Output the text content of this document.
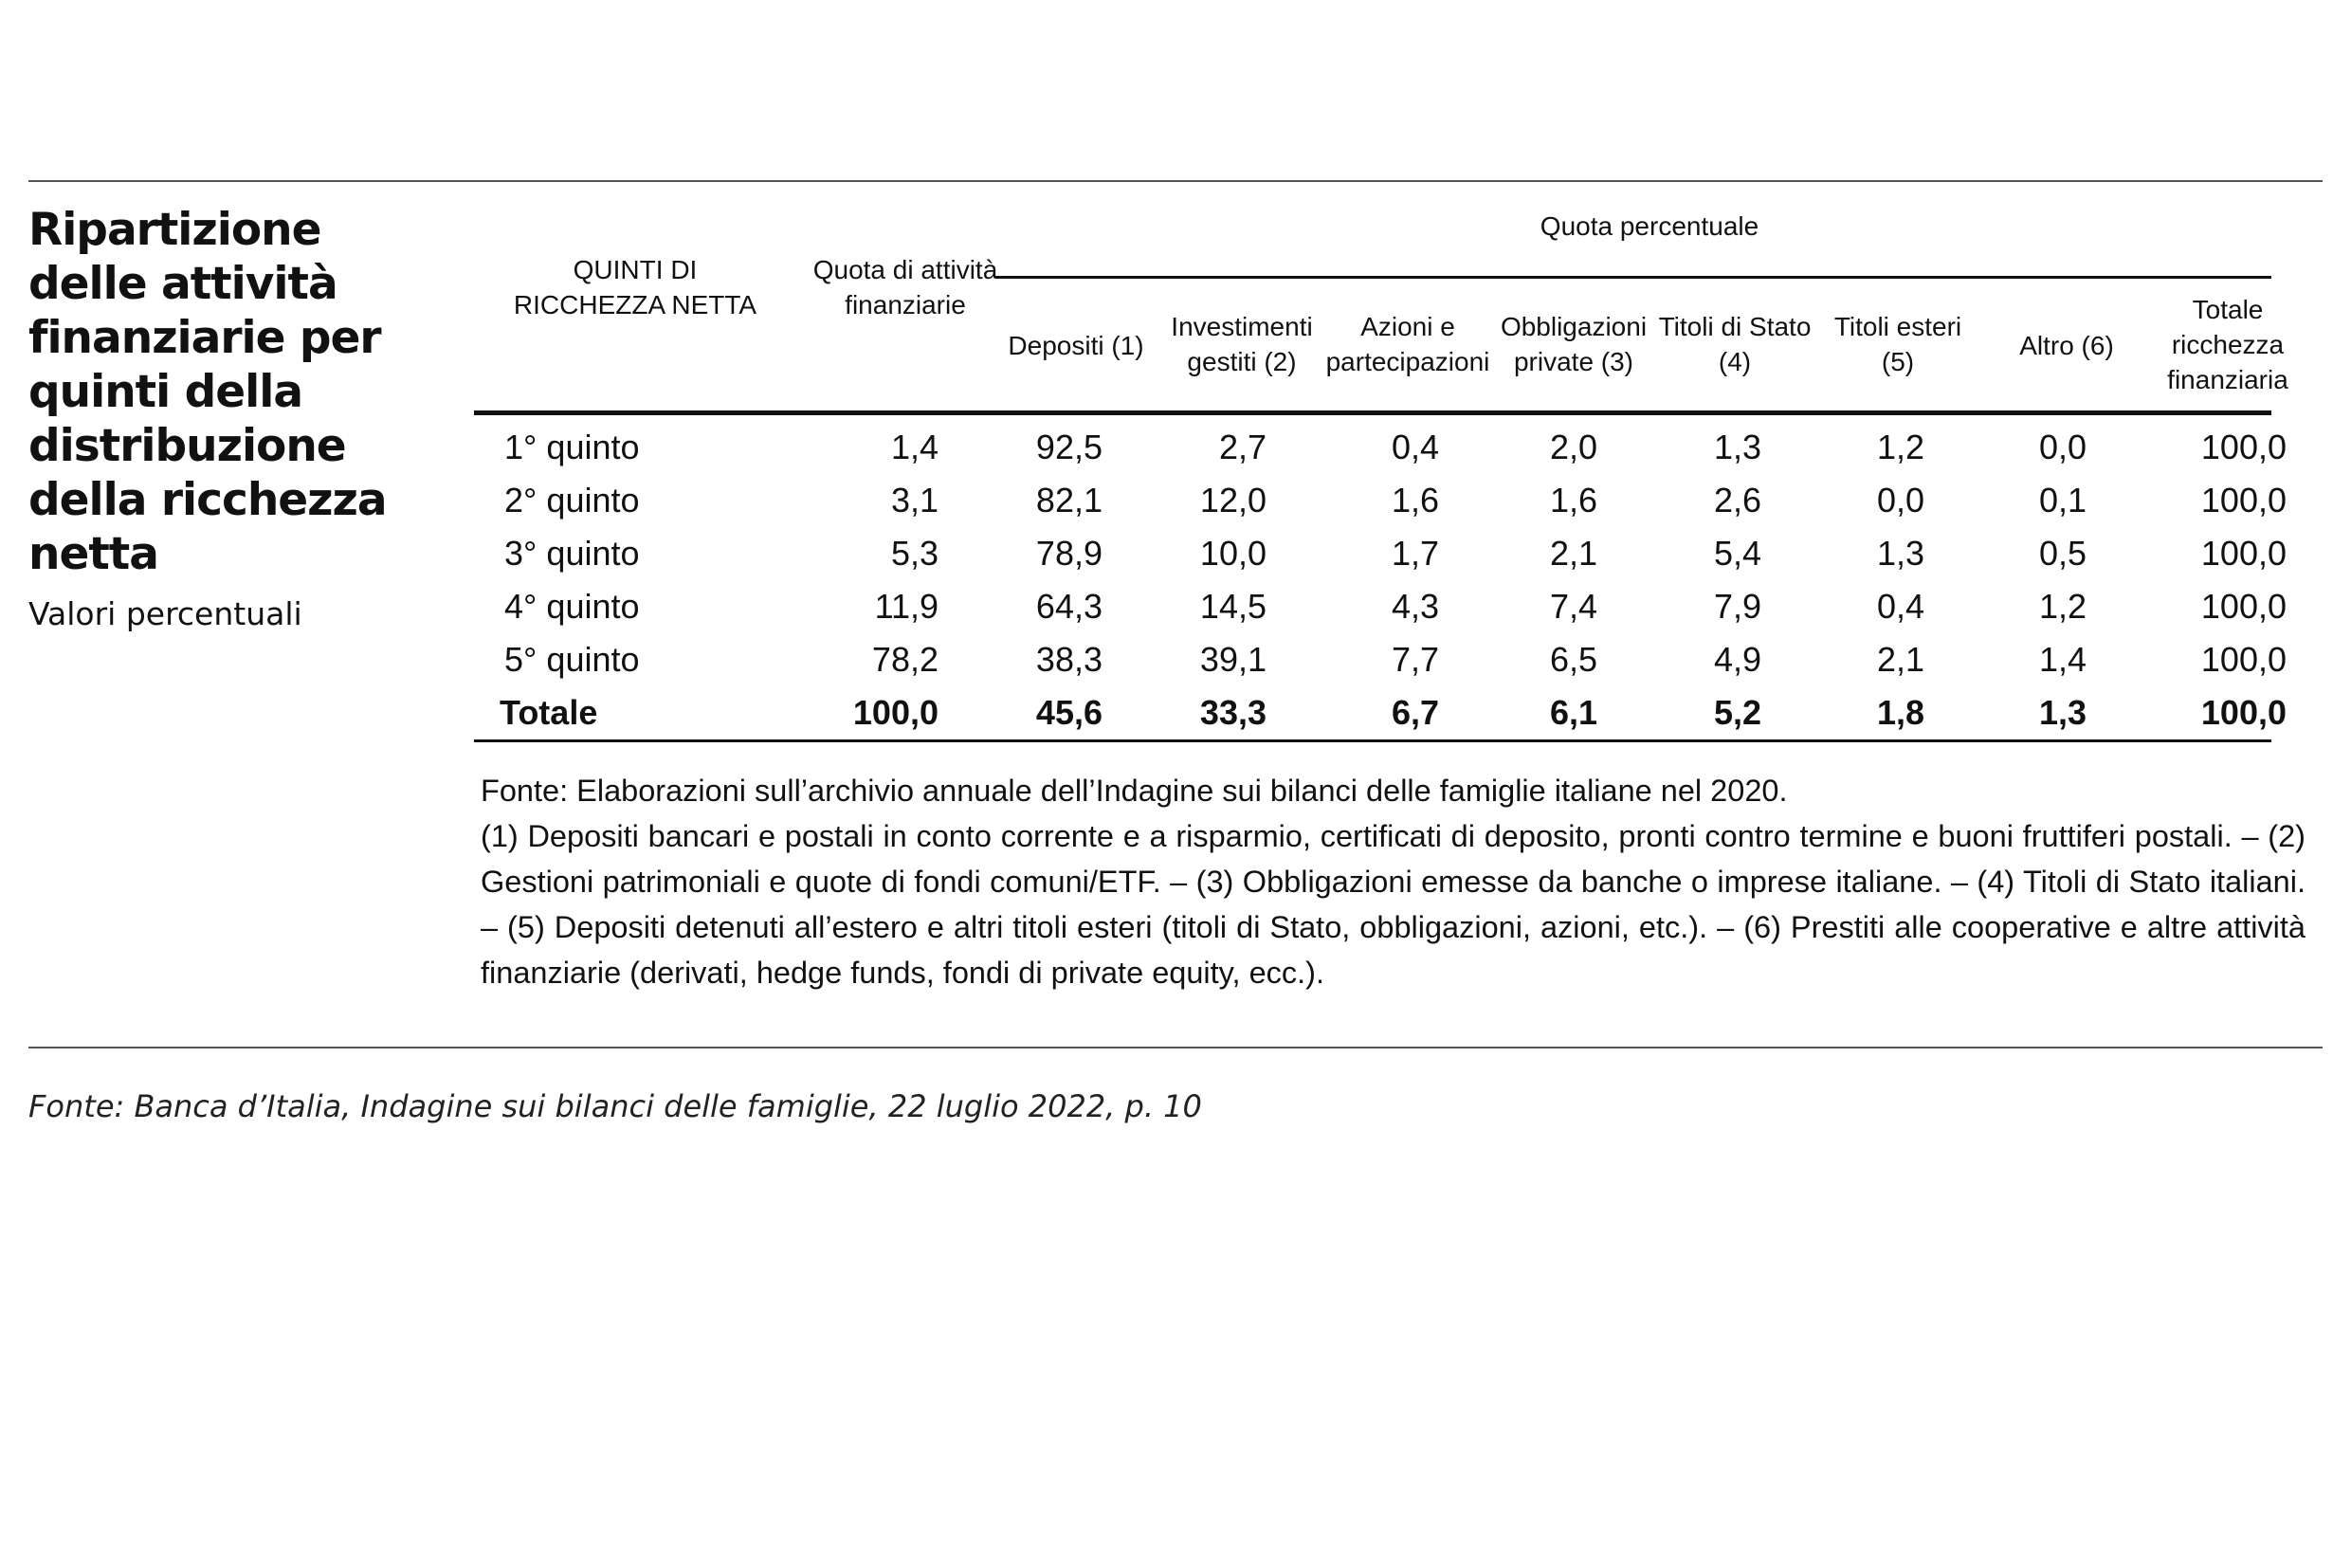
Ripartizione delle attività finanziarie per quinti della distribuzione della ricchezza netta
Valori percentuali
Quota percentuale
QUINTI DI RICCHEZZA NETTA
Quota di attività finanziarie
Depositi (1)
Investimenti gestiti (2)
Azioni e partecipazioni
Obbligazioni private (3)
Titoli di Stato (4)
Titoli esteri (5)
Altro (6)
Totale ricchezza finanziaria
1° quinto	1,4	92,5	2,7	0,4	2,0	1,3	1,2	0,0	100,0
2° quinto	3,1	82,1	12,0	1,6	1,6	2,6	0,0	0,1	100,0
3° quinto	5,3	78,9	10,0	1,7	2,1	5,4	1,3	0,5	100,0
4° quinto	11,9	64,3	14,5	4,3	7,4	7,9	0,4	1,2	100,0
5° quinto	78,2	38,3	39,1	7,7	6,5	4,9	2,1	1,4	100,0
Totale	100,0	45,6	33,3	6,7	6,1	5,2	1,8	1,3	100,0

Fonte: Elaborazioni sull’archivio annuale dell’Indagine sui bilanci delle famiglie italiane nel 2020.

(1) Depositi bancari e postali in conto corrente e a risparmio, certificati di deposito, pronti contro termine e buoni fruttiferi postali. – (2) Gestioni patrimoniali e quote di fondi comuni/ETF. – (3) Obbligazioni emesse da banche o imprese italiane. – (4) Titoli di Stato italiani. – (5) Depositi detenuti all’estero e altri titoli esteri (titoli di Stato, obbligazioni, azioni, etc.). – (6) Prestiti alle cooperative e altre attività finanziarie (derivati, hedge funds, fondi di private equity, ecc.).

Fonte: Banca d’Italia, Indagine sui bilanci delle famiglie, 22 luglio 2022, p. 10
